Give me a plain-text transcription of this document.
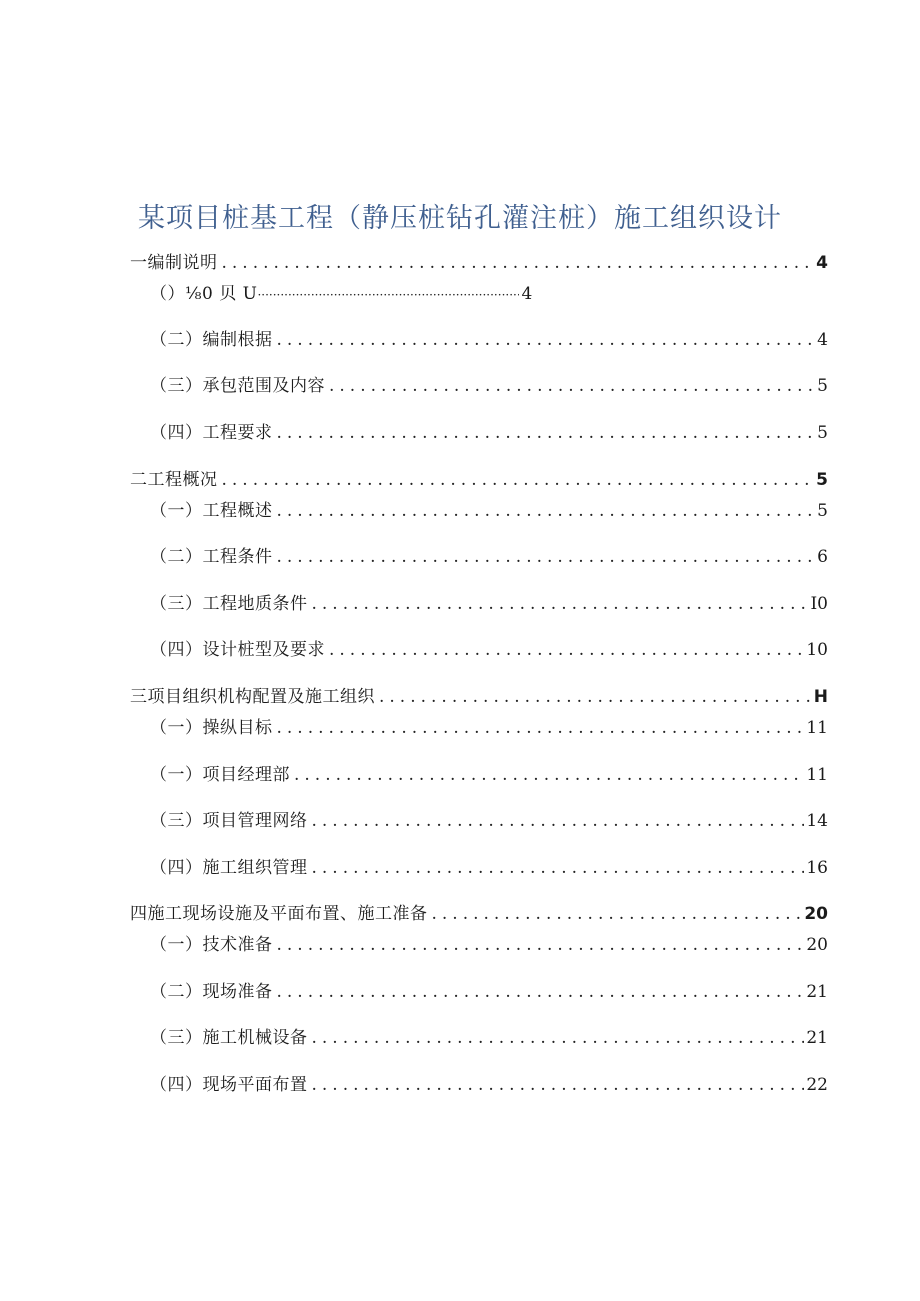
某项目桩基工程（静压桩钻孔灌注桩）施工组织设计
一编制说明 .....	4
（）⅛0 贝 U ·····	4
（二）编制根据 .....	4
（三）承包范围及内容 .....	5
（四）工程要求 .....	5
二工程概况 .....	5
（一）工程概述 .....	5
（二）工程条件 .....	6
（三）工程地质条件 .....	I0
（四）设计桩型及要求 .....	10
三项目组织机构配置及施工组织 .....	H
（一）操纵目标 .....	11
（一）项目经理部 .....	11
（三）项目管理网络 .....	14
（四）施工组织管理 .....	16
四施工现场设施及平面布置、施工准备 .....	20
（一）技术准备 .....	20
（二）现场准备 .....	21
（三）施工机械设备 .....	21
（四）现场平面布置 .....	22
